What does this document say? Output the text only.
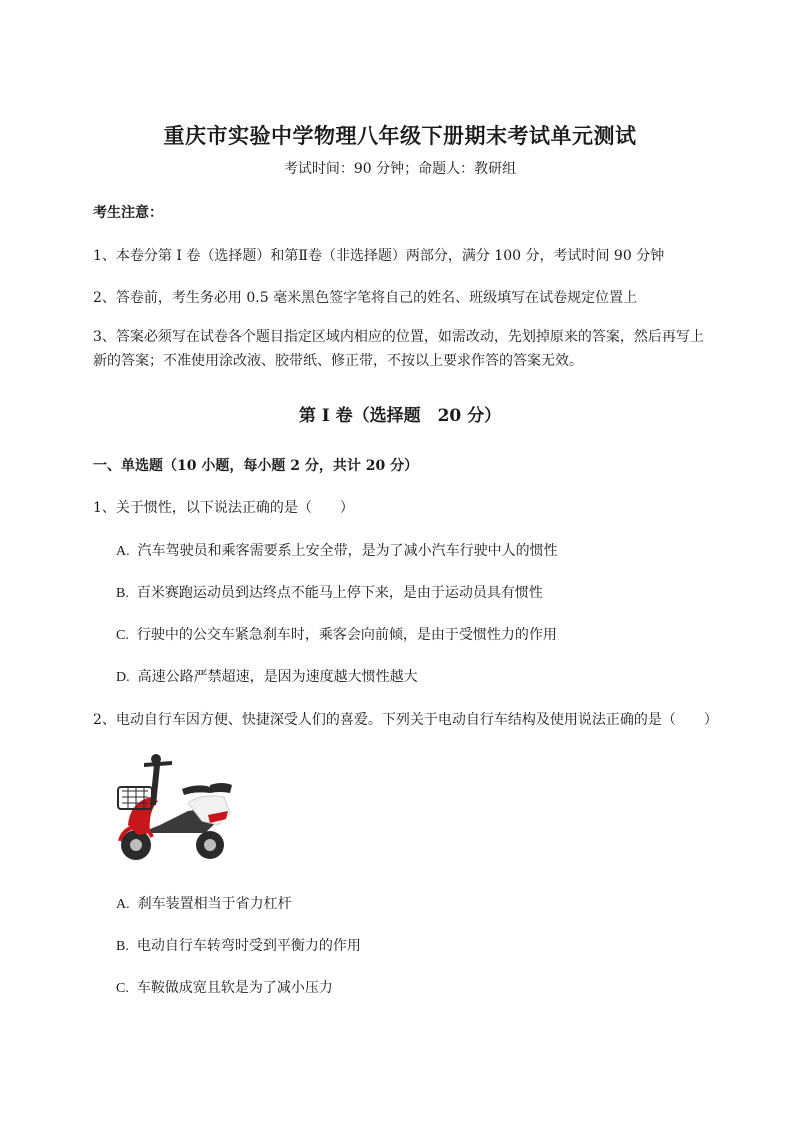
重庆市实验中学物理八年级下册期末考试单元测试
考试时间：90 分钟；命题人：教研组
考生注意：
1、本卷分第 I 卷（选择题）和第Ⅱ卷（非选择题）两部分，满分 100 分，考试时间 90 分钟
2、答卷前，考生务必用 0.5 毫米黑色签字笔将自己的姓名、班级填写在试卷规定位置上
3、答案必须写在试卷各个题目指定区域内相应的位置，如需改动，先划掉原来的答案，然后再写上新的答案；不准使用涂改液、胶带纸、修正带，不按以上要求作答的答案无效。
第 I 卷（选择题　20 分）
一、单选题（10 小题，每小题 2 分，共计 20 分）
1、关于惯性，以下说法正确的是（　　）
A. 汽车驾驶员和乘客需要系上安全带，是为了减小汽车行驶中人的惯性
B. 百米赛跑运动员到达终点不能马上停下来，是由于运动员具有惯性
C. 行驶中的公交车紧急刹车时，乘客会向前倾，是由于受惯性力的作用
D. 高速公路严禁超速，是因为速度越大惯性越大
2、电动自行车因方便、快捷深受人们的喜爱。下列关于电动自行车结构及使用说法正确的是（　　）
A. 刹车装置相当于省力杠杆
B. 电动自行车转弯时受到平衡力的作用
C. 车鞍做成宽且软是为了减小压力
